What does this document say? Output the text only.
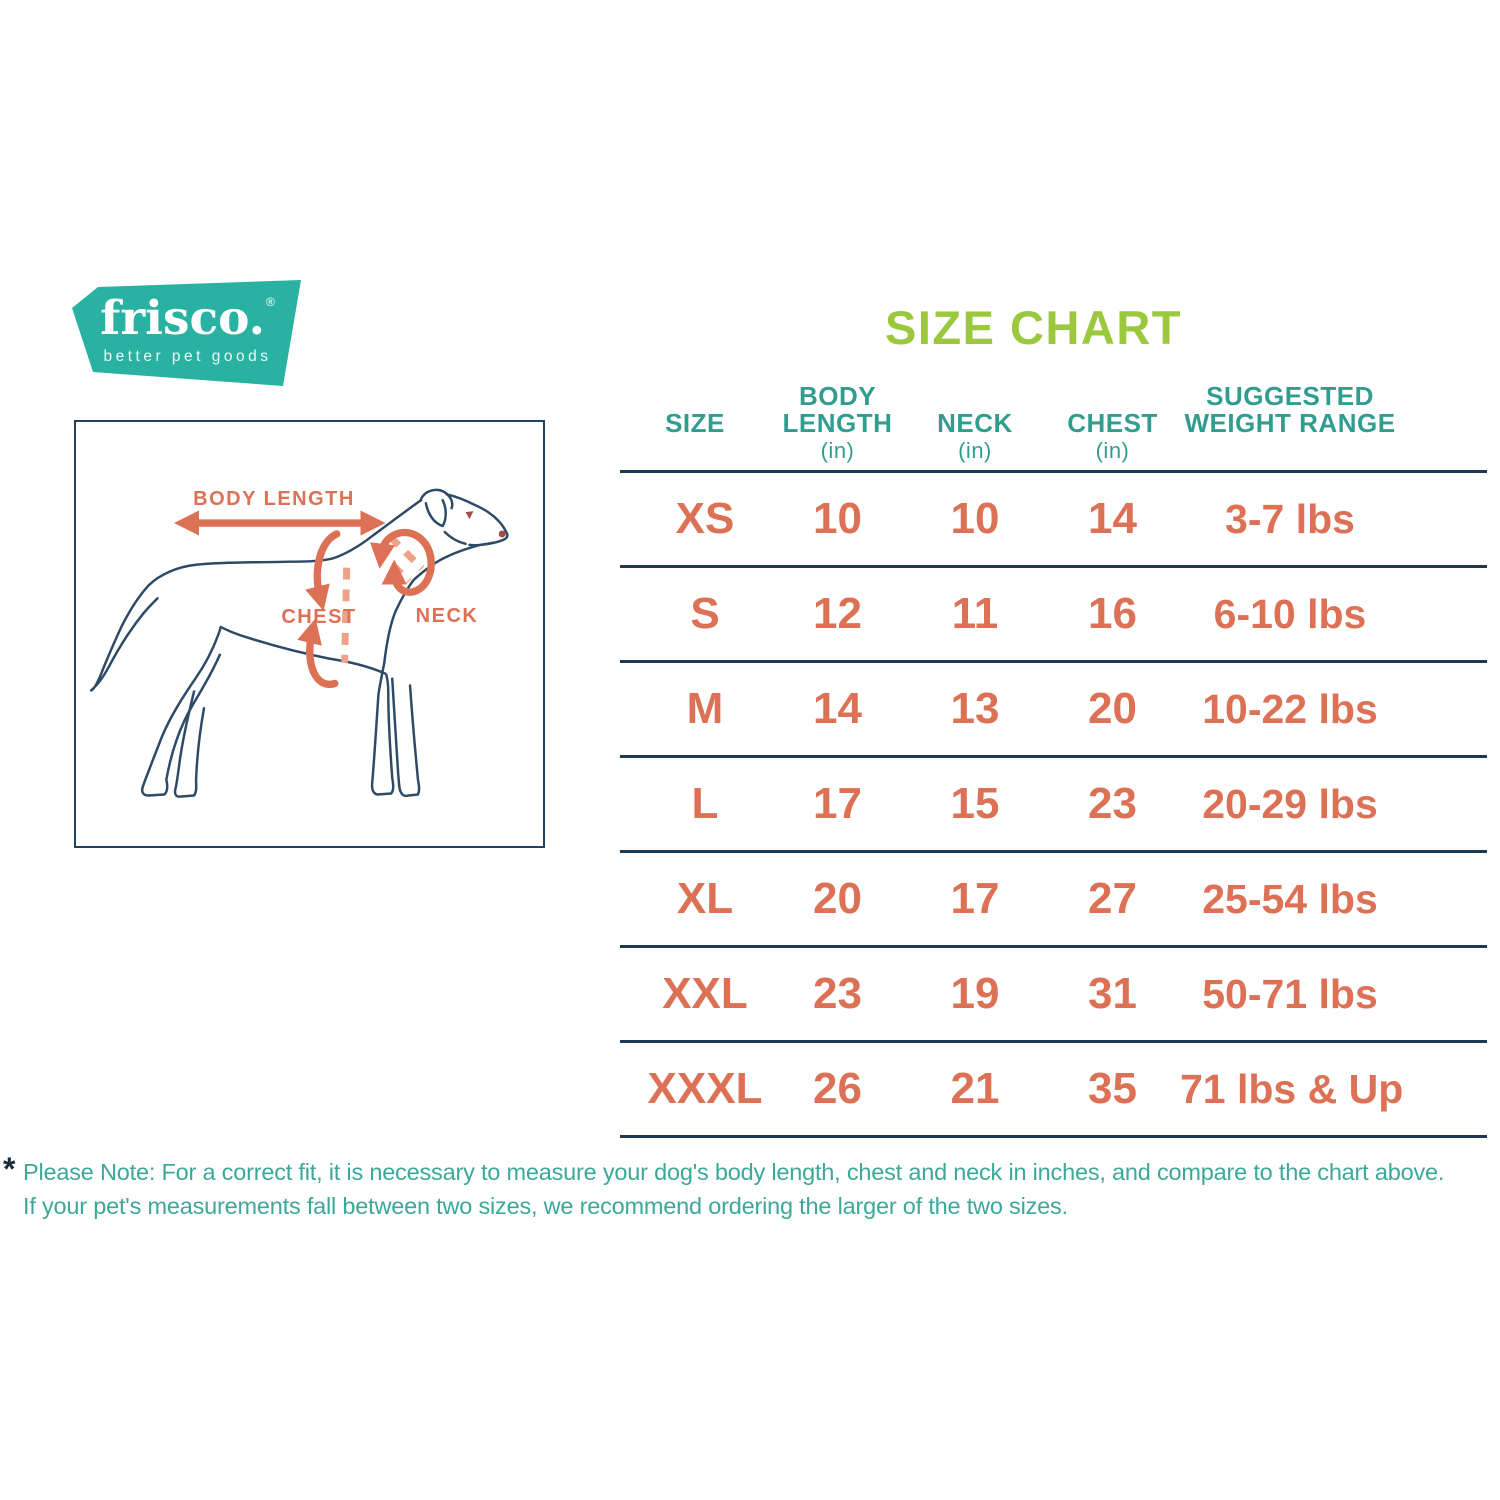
frisco.®
better pet goods
SIZE CHART
BODY LENGTH
CHEST	NECK
SIZE
BODY
LENGTH
(in)
NECK
(in)
CHEST
(in)
SUGGESTED
WEIGHT RANGE
XS	10	10	14	3-7 lbs
S	12	11	16	6-10 lbs
M	14	13	20	10-22 lbs
L	17	15	23	20-29 lbs
XL	20	17	27	25-54 lbs
XXL	23	19	31	50-71 lbs
XXXL	26	21	35	71 lbs & Up
* Please Note: For a correct fit, it is necessary to measure your dog's body length, chest and neck in inches, and compare to the chart above.
If your pet's measurements fall between two sizes, we recommend ordering the larger of the two sizes.
